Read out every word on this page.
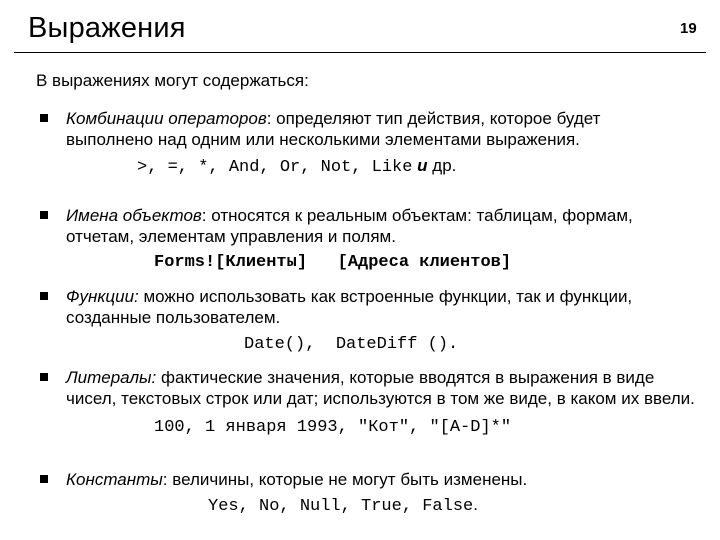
Выражения	19
В выражениях могут содержаться:
Комбинации операторов: определяют тип действия, которое будет выполнено над одним или несколькими элементами выражения.
>, =, *, And, Or, Not, Like и др.
Имена объектов: относятся к реальным объектам: таблицам, формам, отчетам, элементам управления и полям.
Forms![Клиенты]   [Адреса клиентов]
Функции: можно использовать как встроенные функции, так и функции, созданные пользователем.
Date(),  DateDiff ().
Литералы: фактические значения, которые вводятся в выражения в виде чисел, текстовых строк или дат; используются в том же виде, в каком их ввели.
100, 1 января 1993, "Кот", "[A-D]*"
Константы: величины, которые не могут быть изменены.
Yes, No, Null, True, False.
